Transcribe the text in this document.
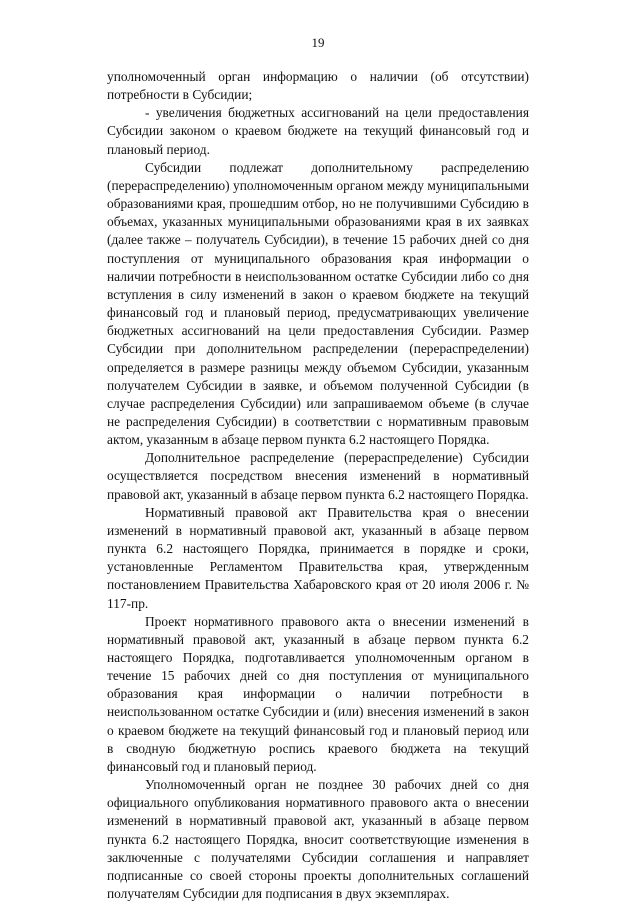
19

уполномоченный орган информацию о наличии (об отсутствии) потребности в Субсидии;

- увеличения бюджетных ассигнований на цели предоставления Субсидии законом о краевом бюджете на текущий финансовый год и плановый период.

Субсидии подлежат дополнительному распределению (перераспределению) уполномоченным органом между муниципальными образованиями края, прошедшим отбор, но не получившими Субсидию в объемах, указанных муниципальными образованиями края в их заявках (далее также – получатель Субсидии), в течение 15 рабочих дней со дня поступления от муниципального образования края информации о наличии потребности в неиспользованном остатке Субсидии либо со дня вступления в силу изменений в закон о краевом бюджете на текущий финансовый год и плановый период, предусматривающих увеличение бюджетных ассигнований на цели предоставления Субсидии. Размер Субсидии при дополнительном распределении (перераспределении) определяется в размере разницы между объемом Субсидии, указанным получателем Субсидии в заявке, и объемом полученной Субсидии (в случае распределения Субсидии) или запрашиваемом объеме (в случае не распределения Субсидии) в соответствии с нормативным правовым актом, указанным в абзаце первом пункта 6.2 настоящего Порядка.

Дополнительное распределение (перераспределение) Субсидии осуществляется посредством внесения изменений в нормативный правовой акт, указанный в абзаце первом пункта 6.2 настоящего Порядка.

Нормативный правовой акт Правительства края о внесении изменений в нормативный правовой акт, указанный в абзаце первом пункта 6.2 настоящего Порядка, принимается в порядке и сроки, установленные Регламентом Правительства края, утвержденным постановлением Правительства Хабаровского края от 20 июля 2006 г. № 117-пр.

Проект нормативного правового акта о внесении изменений в нормативный правовой акт, указанный в абзаце первом пункта 6.2 настоящего Порядка, подготавливается уполномоченным органом в течение 15 рабочих дней со дня поступления от муниципального образования края информации о наличии потребности в неиспользованном остатке Субсидии и (или) внесения изменений в закон о краевом бюджете на текущий финансовый год и плановый период или в сводную бюджетную роспись краевого бюджета на текущий финансовый год и плановый период.

Уполномоченный орган не позднее 30 рабочих дней со дня официального опубликования нормативного правового акта о внесении изменений в нормативный правовой акт, указанный в абзаце первом пункта 6.2 настоящего Порядка, вносит соответствующие изменения в заключенные с получателями Субсидии соглашения и направляет подписанные со своей стороны проекты дополнительных соглашений получателям Субсидии для подписания в двух экземплярах.
